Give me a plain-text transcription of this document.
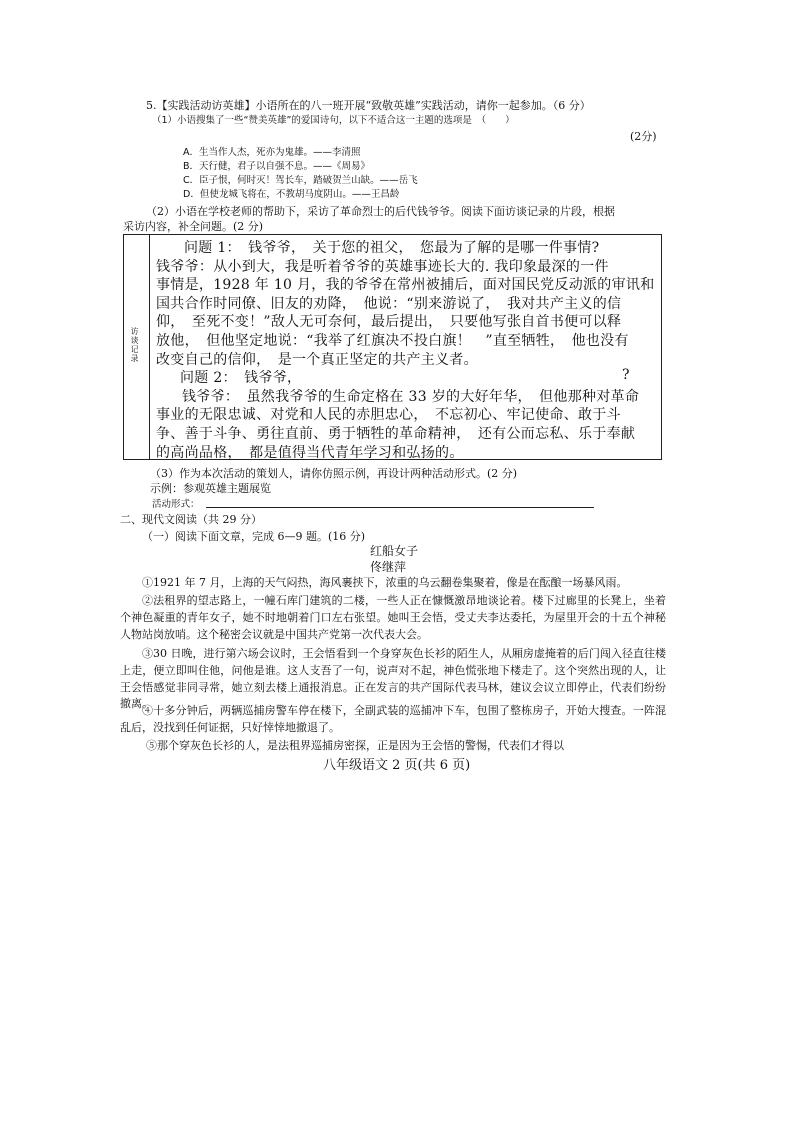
5.【实践活动访英雄】小语所在的八一班开展“致敬英雄”实践活动，请你一起参加。（6 分）
（1）小语搜集了一些“赞美英雄”的爱国诗句，以下不适合这一主题的选项是　（　　）
(2分)
A．生当作人杰，死亦为鬼雄。——李清照
B．天行健，君子以自强不息。——《周易》
C．臣子恨，何时灭！驾长车，踏破贺兰山缺。——岳飞
D．但使龙城飞将在，不教胡马度阴山。——王昌龄
（2）小语在学校老师的帮助下，采访了革命烈士的后代钱爷爷。阅读下面访谈记录的片段，根据
采访内容，补全问题。(2 分)
访谈记录
问题 1：　钱爷爷，　关于您的祖父，　您最为了解的是哪一件事情?
钱爷爷：从小到大，我是听着爷爷的英雄事迹长大的. 我印象最深的一件
事情是，1928 年 10 月，我的爷爷在常州被捕后，面对国民党反动派的审讯和
国共合作时同僚、旧友的劝降，　他说：“别来游说了，　我对共产主义的信
仰，　至死不变！”敌人无可奈何，最后提出，　只要他写张自首书便可以释
放他，　但他坚定地说：“我举了红旗决不投白旗！　”直至牺牲，　他也没有
改变自己的信仰，　是一个真正坚定的共产主义者。
问题 2：　钱爷爷，	?
钱爷爷：　虽然我爷爷的生命定格在 33 岁的大好年华，　但他那种对革命
事业的无限忠诚、对党和人民的赤胆忠心，　不忘初心、牢记使命、敢于斗
争、善于斗争、勇往直前、勇于牺牲的革命精神，　还有公而忘私、乐于奉献
（3）作为本次活动的策划人，请你仿照示例，再设计两种活动形式。(2 分)
示例：参观英雄主题展览
活动形式：
二、现代文阅读（共 29 分）
（一）阅读下面文章，完成 6—9 题。(16 分)
红船女子
佟继萍
①1921 年 7 月，上海的天气闷热，海风裹挟下，浓重的乌云翻卷集聚着，像是在酝酿一场暴风雨。
②法租界的望志路上，一幢石库门建筑的二楼，一些人正在慷慨激昂地谈论着。楼下过廊里的长凳上，坐着个神色凝重的青年女子，她不时地朝着门口左右张望。她叫王会悟，受丈夫李达委托，为屋里开会的十五个神秘人物站岗放哨。这个秘密会议就是中国共产党第一次代表大会。
③30 日晚，进行第六场会议时，王会悟看到一个身穿灰色长衫的陌生人，从厢房虚掩着的后门闯入径直往楼上走，便立即叫住他，问他是谁。这人支吾了一句，说声对不起，神色慌张地下楼走了。这个突然出现的人，让王会悟感觉非同寻常，她立刻去楼上通报消息。正在发言的共产国际代表马林，建议会议立即停止，代表们纷纷撤离。
④十多分钟后，两辆巡捕房警车停在楼下，全副武装的巡捕冲下车，包围了整栋房子，开始大搜查。一阵混乱后，没找到任何证据，只好悻悻地撤退了。
⑤那个穿灰色长衫的人，是法租界巡捕房密探，正是因为王会悟的警惕，代表们才得以
八年级语文 2 页(共 6 页)
的高尚品格，　都是值得当代青年学习和弘扬的。
